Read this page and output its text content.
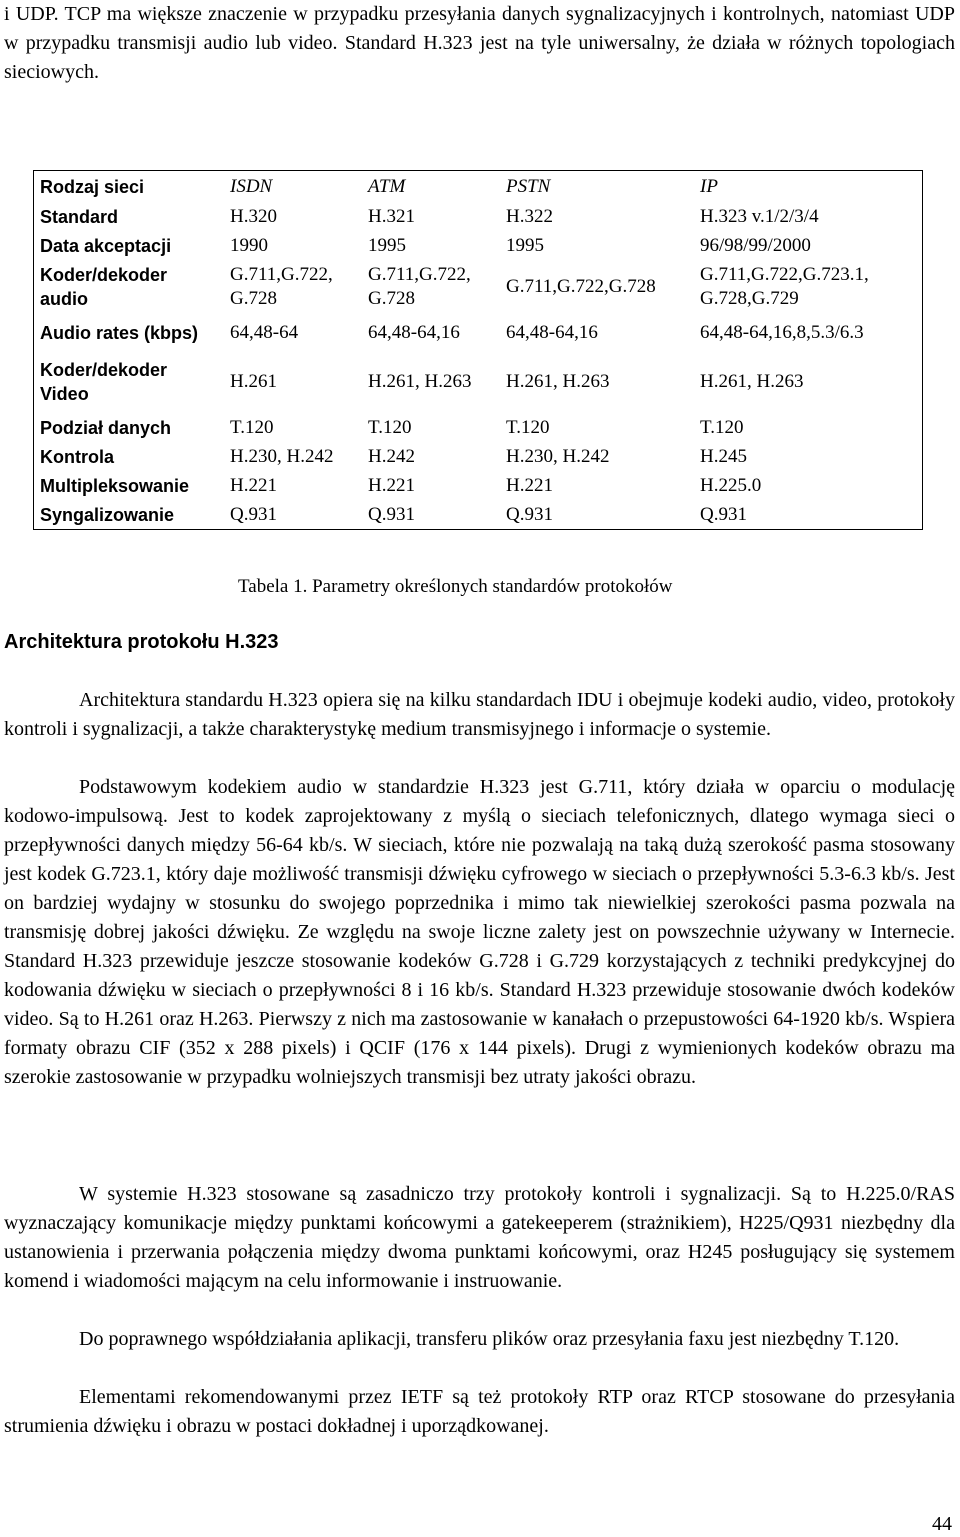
i UDP. TCP ma większe znaczenie w przypadku przesyłania danych sygnalizacyjnych i kontrolnych, natomiast UDP w przypadku transmisji audio lub video. Standard H.323 jest na tyle uniwersalny, że działa w różnych topologiach sieciowych.

Rodzaj sieci	ISDN	ATM	PSTN	IP
Standard	H.320	H.321	H.322	H.323 v.1/2/3/4
Data akceptacji	1990	1995	1995	96/98/99/2000
Koder/dekoder audio	G.711,G.722, G.728	G.711,G.722, G.728	G.711,G.722,G.728	G.711,G.722,G.723.1, G.728,G.729
Audio rates (kbps)	64,48-64	64,48-64,16	64,48-64,16	64,48-64,16,8,5.3/6.3
Koder/dekoder Video	H.261	H.261, H.263	H.261, H.263	H.261, H.263
Podział danych	T.120	T.120	T.120	T.120
Kontrola	H.230, H.242	H.242	H.230, H.242	H.245
Multipleksowanie	H.221	H.221	H.221	H.225.0
Syngalizowanie	Q.931	Q.931	Q.931	Q.931
Tabela 1. Parametry określonych standardów protokołów
Architektura protokołu H.323

Architektura standardu H.323 opiera się na kilku standardach IDU i obejmuje kodeki audio, video, protokoły kontroli i sygnalizacji, a także charakterystykę medium transmisyjnego i informacje o systemie.

Podstawowym kodekiem audio w standardzie H.323 jest G.711, który działa w oparciu o modulację kodowo-impulsową. Jest to kodek zaprojektowany z myślą o sieciach telefonicznych, dlatego wymaga sieci o przepływności danych między 56-64 kb/s. W sieciach, które nie pozwalają na taką dużą szerokość pasma stosowany jest kodek G.723.1, który daje możliwość transmisji dźwięku cyfrowego w sieciach o przepływności 5.3-6.3 kb/s. Jest on bardziej wydajny w stosunku do swojego poprzednika i mimo tak niewielkiej szerokości pasma pozwala na transmisję dobrej jakości dźwięku. Ze względu na swoje liczne zalety jest on powszechnie używany w Internecie. Standard H.323 przewiduje jeszcze stosowanie kodeków G.728 i G.729 korzystających z techniki predykcyjnej do kodowania dźwięku w sieciach o przepływności 8 i 16 kb/s. Standard H.323 przewiduje stosowanie dwóch kodeków video. Są to H.261 oraz H.263. Pierwszy z nich ma zastosowanie w kanałach o przepustowości 64-1920 kb/s. Wspiera formaty obrazu CIF (352 x 288 pixels) i QCIF (176 x 144 pixels). Drugi z wymienionych kodeków obrazu ma szerokie zastosowanie w przypadku wolniejszych transmisji bez utraty jakości obrazu.

W systemie H.323 stosowane są zasadniczo trzy protokoły kontroli i sygnalizacji. Są to H.225.0/RAS wyznaczający komunikacje między punktami końcowymi a gatekeeperem (strażnikiem), H225/Q931 niezbędny dla ustanowienia i przerwania połączenia między dwoma punktami końcowymi, oraz H245 posługujący się systemem komend i wiadomości mającym na celu informowanie i instruowanie.

Do poprawnego współdziałania aplikacji, transferu plików oraz przesyłania faxu jest niezbędny T.120.

Elementami rekomendowanymi przez IETF są też protokoły RTP oraz RTCP stosowane do przesyłania strumienia dźwięku i obrazu w postaci dokładnej i uporządkowanej.

44
